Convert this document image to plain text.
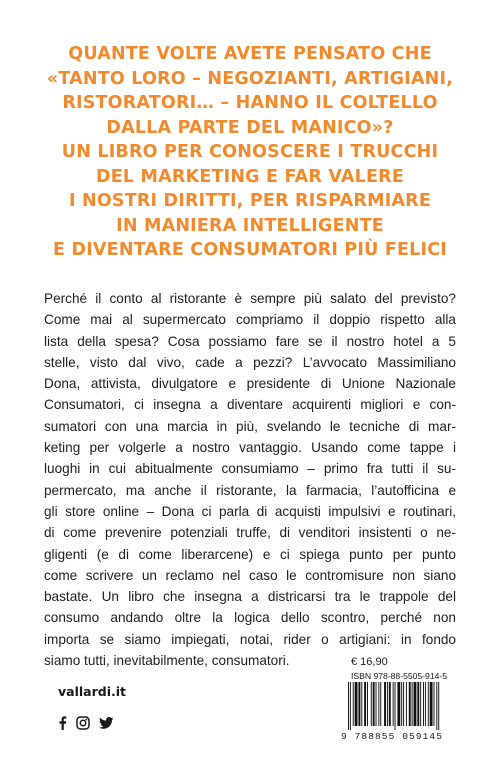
QUANTE VOLTE AVETE PENSATO CHE
«TANTO LORO – NEGOZIANTI, ARTIGIANI,
RISTORATORI… – HANNO IL COLTELLO
DALLA PARTE DEL MANICO»?
UN LIBRO PER CONOSCERE I TRUCCHI
DEL MARKETING E FAR VALERE
I NOSTRI DIRITTI, PER RISPARMIARE
IN MANIERA INTELLIGENTE
E DIVENTARE CONSUMATORI PIÙ FELICI
Perché il conto al ristorante è sempre più salato del previsto?
Come mai al supermercato compriamo il doppio rispetto alla
lista della spesa? Cosa possiamo fare se il nostro hotel a 5
stelle, visto dal vivo, cade a pezzi? L’avvocato Massimiliano
Dona, attivista, divulgatore e presidente di Unione Nazionale
Consumatori, ci insegna a diventare acquirenti migliori e con-
sumatori con una marcia in più, svelando le tecniche di mar-
keting per volgerle a nostro vantaggio. Usando come tappe i
luoghi in cui abitualmente consumiamo – primo fra tutti il su-
permercato, ma anche il ristorante, la farmacia, l’autofficina e
gli store online – Dona ci parla di acquisti impulsivi e routinari,
di come prevenire potenziali truffe, di venditori insistenti o ne-
gligenti (e di come liberarcene) e ci spiega punto per punto
come scrivere un reclamo nel caso le contromisure non siano
bastate. Un libro che insegna a districarsi tra le trappole del
consumo andando oltre la logica dello scontro, perché non
importa se siamo impiegati, notai, rider o artigiani: in fondo
siamo tutti, inevitabilmente, consumatori.
vallardi.it
€ 16,90
ISBN 978-88-5505-914-5
9 788855 059145
